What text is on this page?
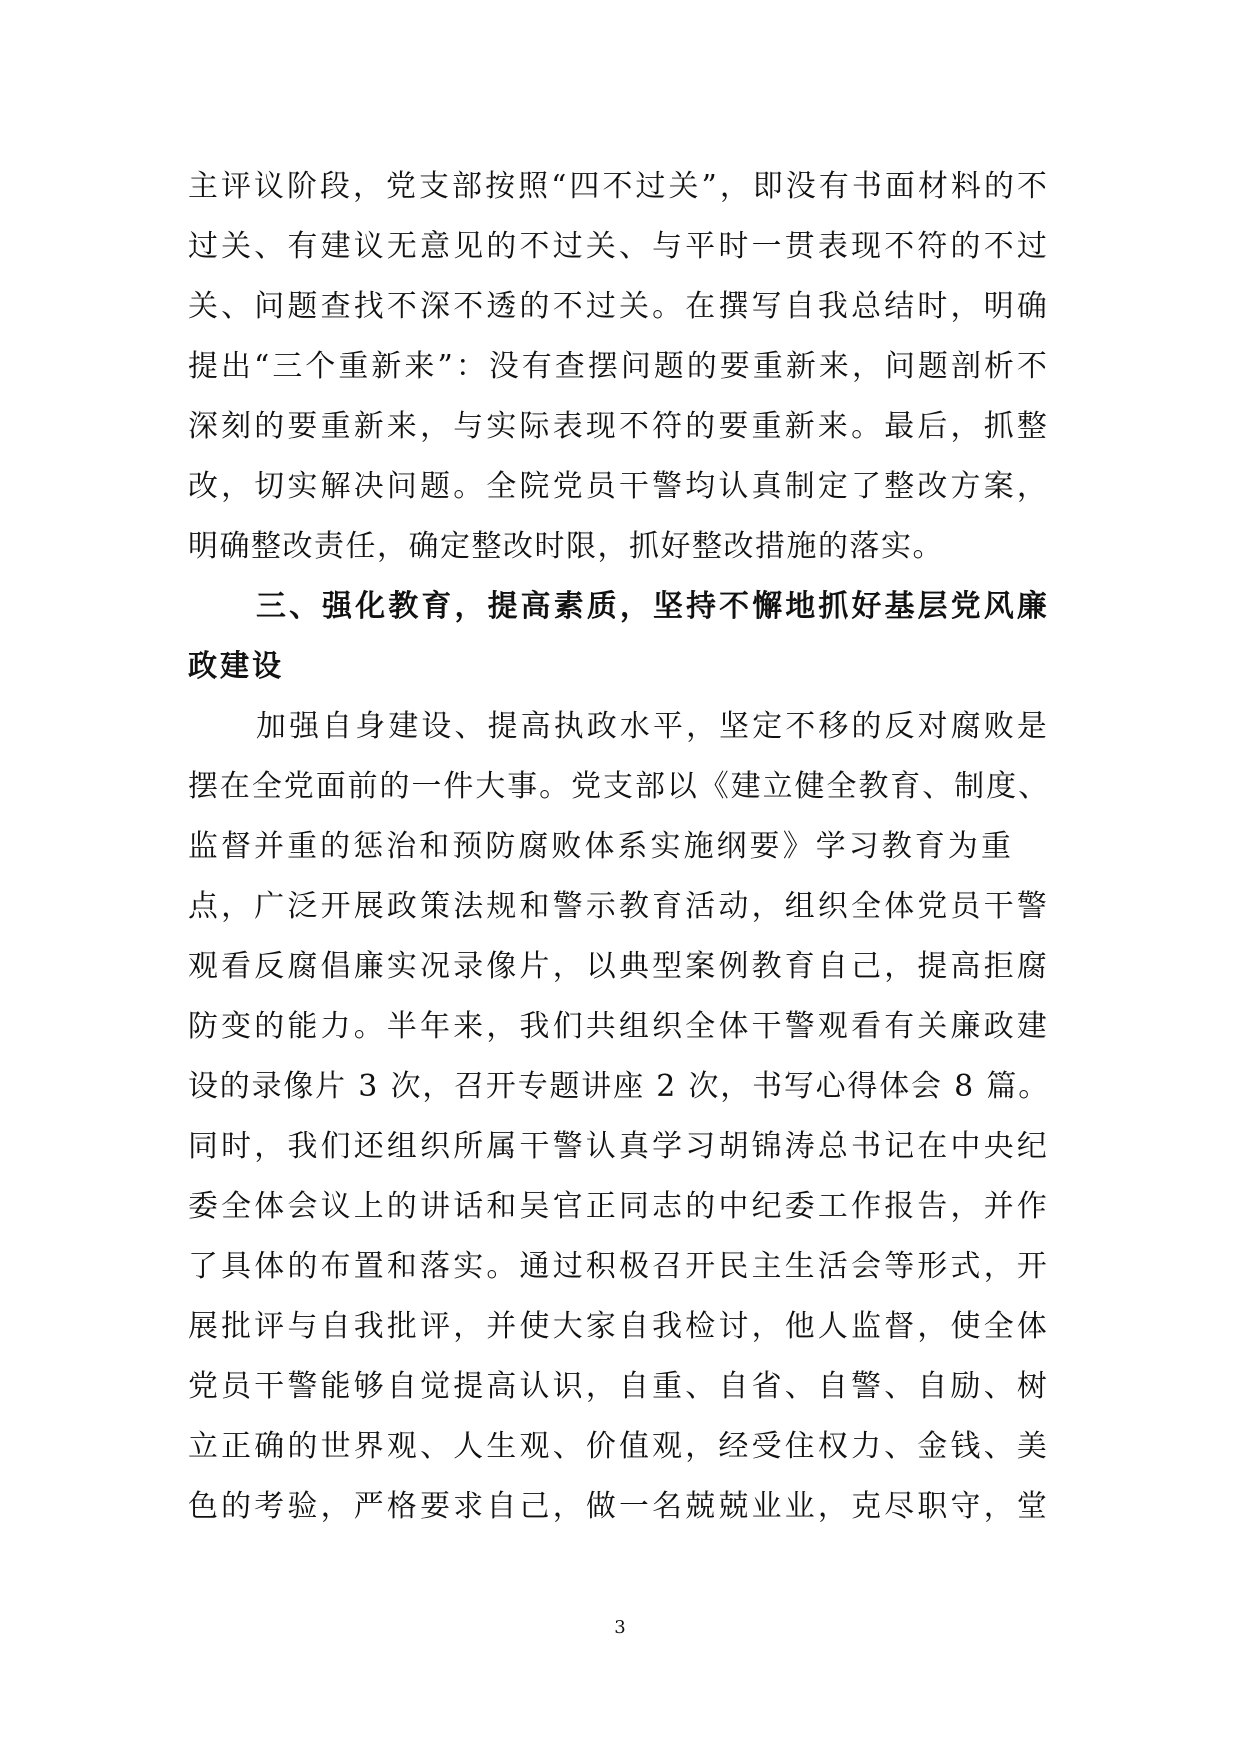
主评议阶段，党支部按照“四不过关”，即没有书面材料的不
过关、有建议无意见的不过关、与平时一贯表现不符的不过
关、问题查找不深不透的不过关。在撰写自我总结时，明确
提出“三个重新来”：没有查摆问题的要重新来，问题剖析不
深刻的要重新来，与实际表现不符的要重新来。最后，抓整
改，切实解决问题。全院党员干警均认真制定了整改方案，
明确整改责任，确定整改时限，抓好整改措施的落实。
三、强化教育，提高素质，坚持不懈地抓好基层党风廉
政建设
加强自身建设、提高执政水平，坚定不移的反对腐败是
摆在全党面前的一件大事。党支部以《建立健全教育、制度、
监督并重的惩治和预防腐败体系实施纲要》学习教育为重
点，广泛开展政策法规和警示教育活动，组织全体党员干警
观看反腐倡廉实况录像片，以典型案例教育自己，提高拒腐
防变的能力。半年来，我们共组织全体干警观看有关廉政建
设的录像片 3 次，召开专题讲座 2 次，书写心得体会 8 篇。
同时，我们还组织所属干警认真学习胡锦涛总书记在中央纪
委全体会议上的讲话和吴官正同志的中纪委工作报告，并作
了具体的布置和落实。通过积极召开民主生活会等形式，开
展批评与自我批评，并使大家自我检讨，他人监督，使全体
党员干警能够自觉提高认识，自重、自省、自警、自励、树
立正确的世界观、人生观、价值观，经受住权力、金钱、美
色的考验，严格要求自己，做一名兢兢业业，克尽职守，堂
3
